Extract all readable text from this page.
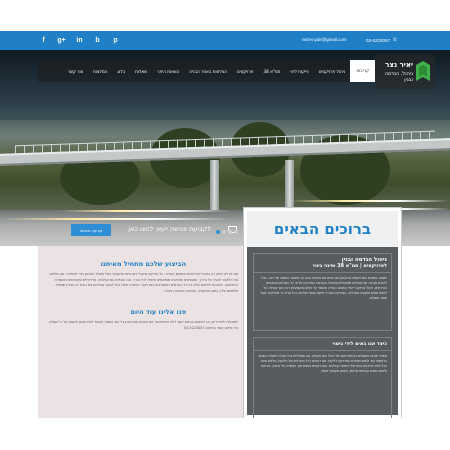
f	g+	in	b	p	nezer.yair@gmail.com	03-5223057 ✆
יאיר נצר
ניהול, הנדסה ובנין
קריבוא
ניהול פרויקטים
פיקוח ליווי
תמ"א 38
פרויקטים
הצלחות באתר הבניה
הוצאת היתר
שאלות
בלוג
המלצות
צור קשר
קביעה פגישה	לקביעת פגישת ייעוץ לחצו כאן
הביצוע שלכם מתחיל מאיתנו

אנו יש לנו ניסיון רב בניהול פרויקטים בתחום הבנייה. כל פרויקט מקבל יחס אישי ומקצועי החל משלב התכנון ועד למסירה. אנו מלווים את הלקוח לאורך כל הדרך, ומספקים פתרונות מותאמים אישית לכל צורך. אנו עובדים עם קבלנים, אדריכלים ומהנדסים מהשורה הראשונה, ודואגים לתיאום מלא בין כל הגורמים המעורבים בפרויקט. המטרה שלנו היא לבנות עבורכם את הבית או הבניין שתמיד חלמתם עליו, בזמן ובתקציב, ובאיכות הגבוהה ביותר.

פנו אלינו עוד היום

לשאלות ולבירורים, וכן לתיאום פגישת ייעוץ ללא התחייבות, אנו זמינים עבורכם בכל עת. נשמח לעמוד לשירותכם ולענות על כל שאלה. צרו איתנו קשר בטלפון 03-5223057

ברוכים הבאים
ניהול הנדסה ובנין
לפרויקטים | תמ"א 38 ופינוי בינוי

כשאנו עוסקים בפרויקטים בניה(ים) אנו חווים את הנדסה ובנין כך שתגשר בסופה של דבר, נוכל להקים סביבה עם קבלנים מקצועיים ובניהול בהנדסה בפרויקט על פי כל השלבים והתנאים הנדרשים. ניהול פרויקט ייעודי בתחום הבנייה שעומד על ניסיון ומקצועיות רבה תוך שמירה על לוחות זמנים ותקציב מוגדרים. הפרויקט מצריך פיקוח צמוד ושליטה בכל פרט כך שהלקוח יקבל תוצר מושלם.

כיצד אנו באים לידי ביטוי

משרד אנחנו מתמחים בקידום ויזום של ניהול הפרויקטים. אנו מתחילים בכל תהליך משלב התכנון הראשוני ועד לסיום ומסירת הפרויקט ללקוח. אנו דואגים לכל הצורכים של הלקוח, מלווים אותו בכל שלב ומייצגים אותו מול רשויות וקבלנים. הפרויקטים נעשים תוך הקפדה על איכות, בטיחות ולוחות זמנים קבועים מראש, באופן מקצועי ואמין.
